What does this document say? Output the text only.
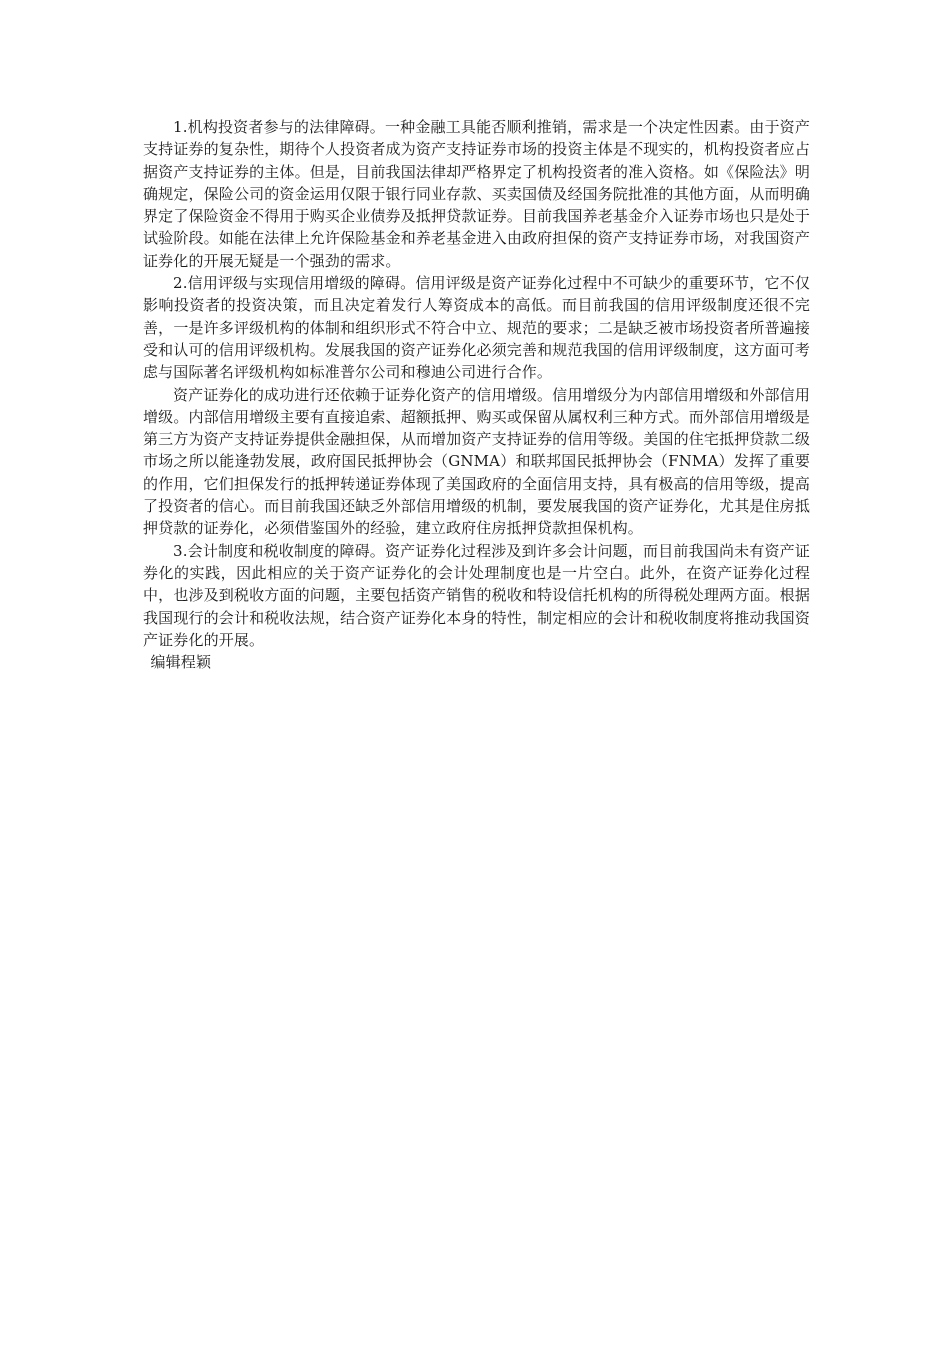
1.机构投资者参与的法律障碍。一种金融工具能否顺利推销，需求是一个决定性因素。由于资产支持证券的复杂性，期待个人投资者成为资产支持证券市场的投资主体是不现实的，机构投资者应占据资产支持证券的主体。但是，目前我国法律却严格界定了机构投资者的准入资格。如《保险法》明确规定，保险公司的资金运用仅限于银行同业存款、买卖国债及经国务院批准的其他方面，从而明确界定了保险资金不得用于购买企业债券及抵押贷款证券。目前我国养老基金介入证券市场也只是处于试验阶段。如能在法律上允许保险基金和养老基金进入由政府担保的资产支持证券市场，对我国资产证券化的开展无疑是一个强劲的需求。

2.信用评级与实现信用增级的障碍。信用评级是资产证券化过程中不可缺少的重要环节，它不仅影响投资者的投资决策，而且决定着发行人筹资成本的高低。而目前我国的信用评级制度还很不完善，一是许多评级机构的体制和组织形式不符合中立、规范的要求；二是缺乏被市场投资者所普遍接受和认可的信用评级机构。发展我国的资产证券化必须完善和规范我国的信用评级制度，这方面可考虑与国际著名评级机构如标准普尔公司和穆迪公司进行合作。

资产证券化的成功进行还依赖于证券化资产的信用增级。信用增级分为内部信用增级和外部信用增级。内部信用增级主要有直接追索、超额抵押、购买或保留从属权利三种方式。而外部信用增级是第三方为资产支持证券提供金融担保，从而增加资产支持证券的信用等级。美国的住宅抵押贷款二级市场之所以能逢勃发展，政府国民抵押协会（GNMA）和联邦国民抵押协会（FNMA）发挥了重要的作用，它们担保发行的抵押转递证券体现了美国政府的全面信用支持，具有极高的信用等级，提高了投资者的信心。而目前我国还缺乏外部信用增级的机制，要发展我国的资产证券化，尤其是住房抵押贷款的证券化，必须借鉴国外的经验，建立政府住房抵押贷款担保机构。

3.会计制度和税收制度的障碍。资产证券化过程涉及到许多会计问题，而目前我国尚未有资产证券化的实践，因此相应的关于资产证券化的会计处理制度也是一片空白。此外，在资产证券化过程中，也涉及到税收方面的问题，主要包括资产销售的税收和特设信托机构的所得税处理两方面。根据我国现行的会计和税收法规，结合资产证券化本身的特性，制定相应的会计和税收制度将推动我国资产证券化的开展。

编辑程颖
